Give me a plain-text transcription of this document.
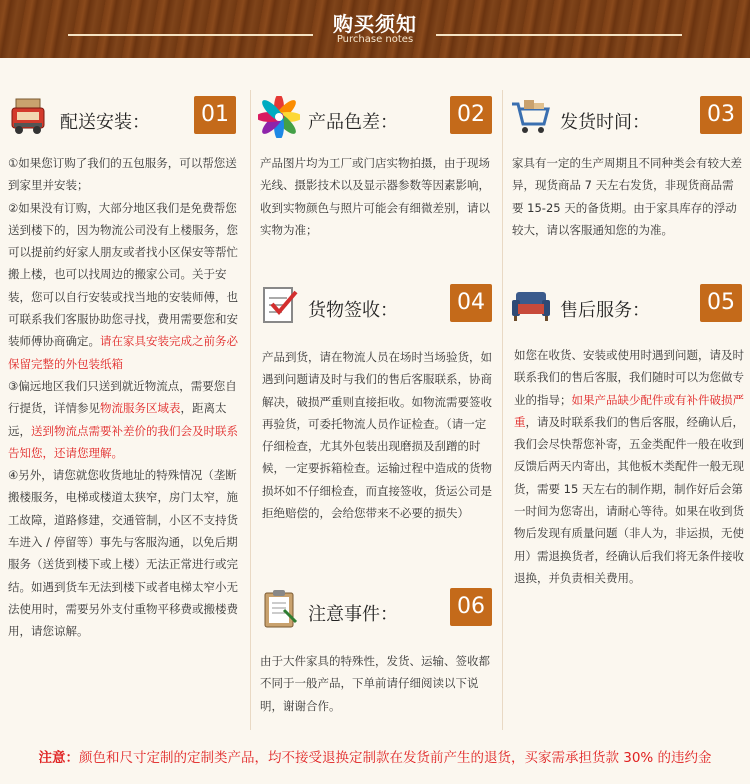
购买须知
Purchase notes
配送安装：	01
①如果您订购了我们的五包服务，可以帮您送到家里并安装；
②如果没有订购，大部分地区我们是免费帮您送到楼下的，因为物流公司没有上楼服务，您可以提前约好家人朋友或者找小区保安等帮忙搬上楼，也可以找周边的搬家公司。关于安装，您可以自行安装或找当地的安装师傅，也可联系我们客服协助您寻找，费用需要您和安装师傅协商确定。请在家具安装完成之前务必保留完整的外包装纸箱
③偏远地区我们只送到就近物流点，需要您自行提货，详情参见物流服务区域表，距离太远，送到物流点需要补差价的我们会及时联系告知您，还请您理解。
④另外，请您就您收货地址的特殊情况（垄断搬楼服务，电梯或楼道太狭窄，房门太窄，施工故障，道路修建，交通管制，小区不支持货车进入 / 停留等）事先与客服沟通，以免后期服务（送货到楼下或上楼）无法正常进行或完结。如遇到货车无法到楼下或者电梯太窄小无法使用时，需要另外支付重物平移费或搬楼费用，请您谅解。
产品色差：	02
产品图片均为工厂或门店实物拍摄，由于现场光线、摄影技术以及显示器参数等因素影响，收到实物颜色与照片可能会有细微差别，请以实物为准；
发货时间：	03
家具有一定的生产周期且不同种类会有较大差异，现货商品 7 天左右发货，非现货商品需要 15-25 天的备货期。由于家具库存的浮动较大，请以客服通知您的为准。
货物签收：	04
产品到货，请在物流人员在场时当场验货，如遇到问题请及时与我们的售后客服联系，协商解决，破损严重则直接拒收。如物流需要签收再验货，可委托物流人员作证检查。（请一定仔细检查，尤其外包装出现磨损及刮蹭的时候，一定要拆箱检查。运输过程中造成的货物损坏如不仔细检查，而直接签收，货运公司是拒绝赔偿的，会给您带来不必要的损失）
售后服务：	05
如您在收货、安装或使用时遇到问题，请及时联系我们的售后客服，我们随时可以为您做专业的指导；如果产品缺少配件或有补件破损严重，请及时联系我们的售后客服，经确认后，我们会尽快帮您补寄，五金类配件一般在收到反馈后两天内寄出，其他板木类配件一般无现货，需要 15 天左右的制作期，制作好后会第一时间为您寄出，请耐心等待。如果在收到货物后发现有质量问题（非人为，非运损，无使用）需退换货者，经确认后我们将无条件接收退换，并负责相关费用。
注意事件：	06
由于大件家具的特殊性，发货、运输、签收都不同于一般产品，下单前请仔细阅读以下说明，谢谢合作。
注意：颜色和尺寸定制的定制类产品，均不接受退换定制款在发货前产生的退货，买家需承担货款 30% 的违约金
